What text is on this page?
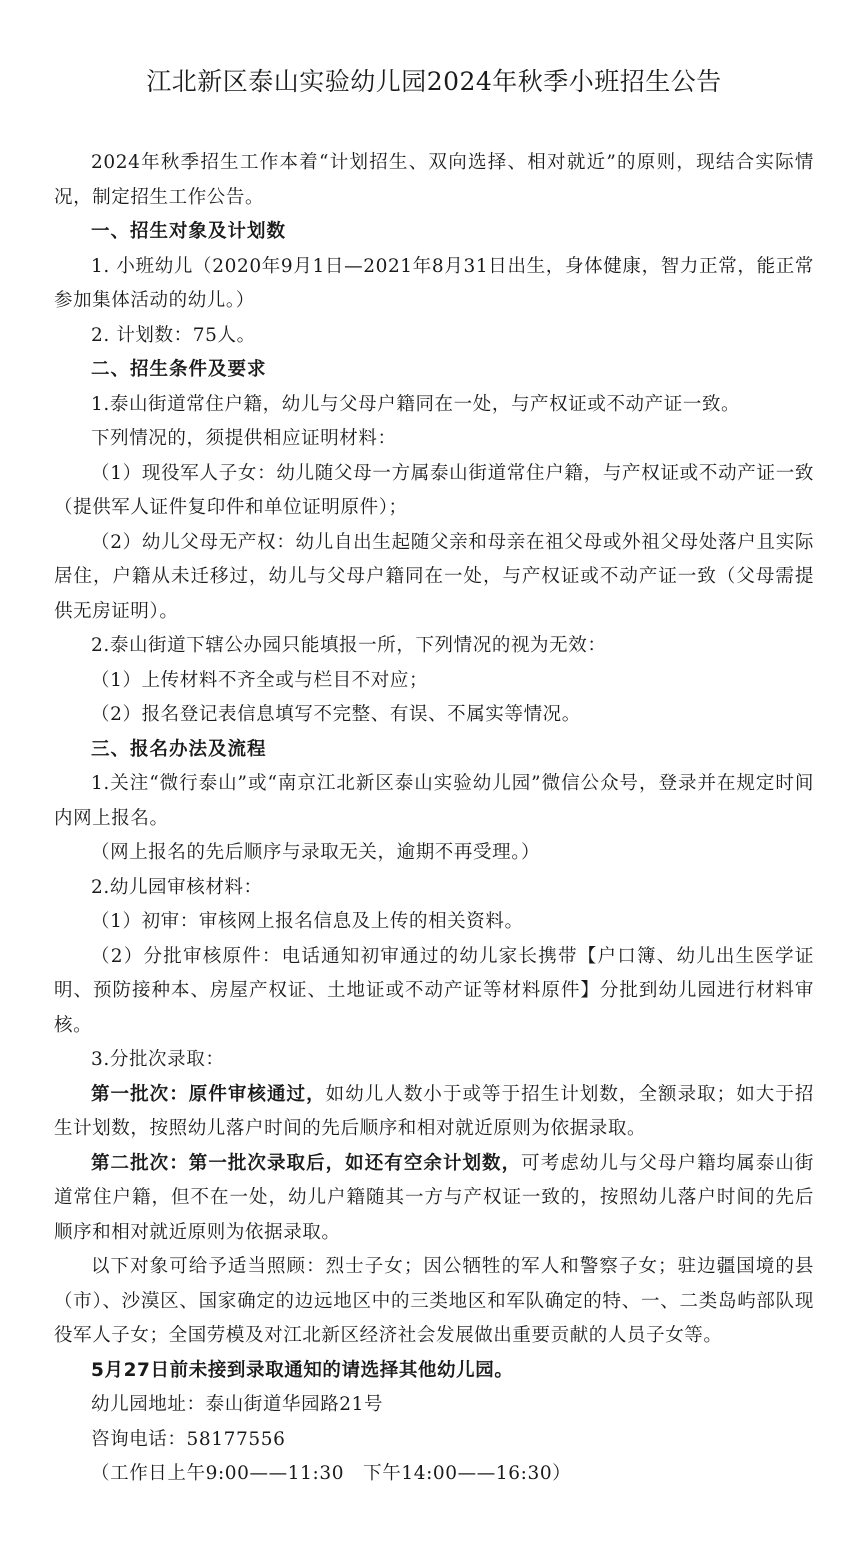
江北新区泰山实验幼儿园2024年秋季小班招生公告

2024年秋季招生工作本着“计划招生、双向选择、相对就近”的原则，现结合实际情况，制定招生工作公告。

一、招生对象及计划数

1. 小班幼儿（2020年9月1日—2021年8月31日出生，身体健康，智力正常，能正常参加集体活动的幼儿。）

2. 计划数：75人。

二、招生条件及要求

1.泰山街道常住户籍，幼儿与父母户籍同在一处，与产权证或不动产证一致。

下列情况的，须提供相应证明材料：

（1）现役军人子女：幼儿随父母一方属泰山街道常住户籍，与产权证或不动产证一致（提供军人证件复印件和单位证明原件）；

（2）幼儿父母无产权：幼儿自出生起随父亲和母亲在祖父母或外祖父母处落户且实际居住，户籍从未迁移过，幼儿与父母户籍同在一处，与产权证或不动产证一致（父母需提供无房证明）。

2.泰山街道下辖公办园只能填报一所，下列情况的视为无效：

（1）上传材料不齐全或与栏目不对应；

（2）报名登记表信息填写不完整、有误、不属实等情况。

三、报名办法及流程

1.关注“微行泰山”或“南京江北新区泰山实验幼儿园”微信公众号，登录并在规定时间内网上报名。

（网上报名的先后顺序与录取无关，逾期不再受理。）

2.幼儿园审核材料：

（1）初审：审核网上报名信息及上传的相关资料。

（2）分批审核原件：电话通知初审通过的幼儿家长携带【户口簿、幼儿出生医学证明、预防接种本、房屋产权证、土地证或不动产证等材料原件】分批到幼儿园进行材料审核。

3.分批次录取：

第一批次：原件审核通过，如幼儿人数小于或等于招生计划数，全额录取；如大于招生计划数，按照幼儿落户时间的先后顺序和相对就近原则为依据录取。

第二批次：第一批次录取后，如还有空余计划数，可考虑幼儿与父母户籍均属泰山街道常住户籍，但不在一处，幼儿户籍随其一方与产权证一致的，按照幼儿落户时间的先后顺序和相对就近原则为依据录取。

以下对象可给予适当照顾：烈士子女；因公牺牲的军人和警察子女；驻边疆国境的县（市）、沙漠区、国家确定的边远地区中的三类地区和军队确定的特、一、二类岛屿部队现役军人子女；全国劳模及对江北新区经济社会发展做出重要贡献的人员子女等。

5月27日前未接到录取通知的请选择其他幼儿园。

幼儿园地址：泰山街道华园路21号

咨询电话：58177556

（工作日上午9:00——11:30　下午14:00——16:30）
